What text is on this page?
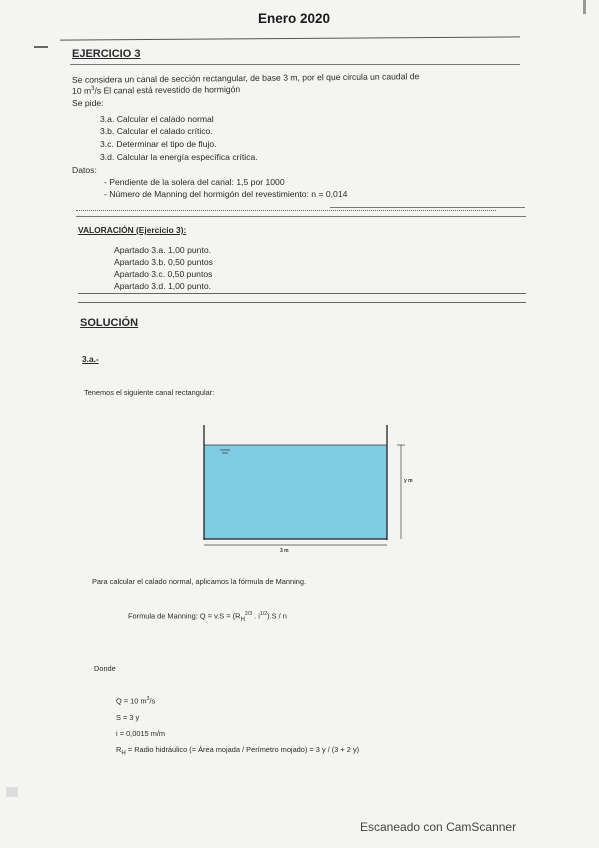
Enero 2020
EJERCICIO 3
Se considera un canal de sección rectangular, de base 3 m, por el que circula un caudal de
10 $m^3/s$ El canal está revestido de hormigón
Se pide:
3.a. Calcular el calado normal
3.b. Calcular el calado crítico.
3.c. Determinar el tipo de flujo.
3.d. Calcular la energía específica crítica.
Datos:
- Pendiente de la solera del canal: 1,5 por 1000
- Número de Manning del hormigón del revestimiento: n = 0,014
VALORACIÓN (Ejercicio 3):
Apartado 3.a. 1,00 punto.
Apartado 3.b. 0,50 puntos
Apartado 3.c. 0,50 puntos
Apartado 3.d. 1,00 punto.
SOLUCIÓN
3.a.-
Tenemos el siguiente canal rectangular:
y m
3 m
Para calcular el calado normal, aplicamos la fórmula de Manning.
Formula de Manning: $Q = v.S = (R_H^{2/3}$ . $i^{1/2}).S$ / n
Donde
Q = 10 $m^3/s$
S = 3 y
i = 0,0015 m/m
$R_H$ = Radio hidráulico (= Área mojada / Perímetro mojado) = 3 y / (3 + 2 y)
Escaneado con CamScanner
